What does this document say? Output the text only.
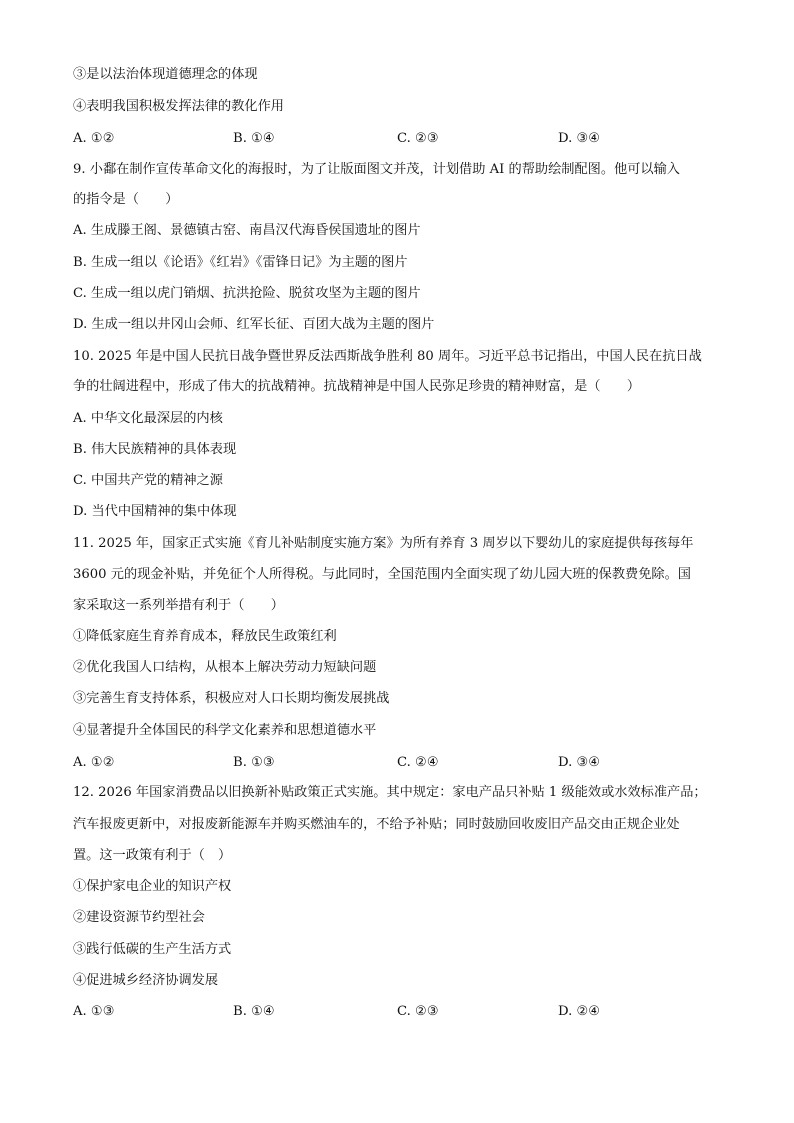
③是以法治体现道德理念的体现
④表明我国积极发挥法律的教化作用
A. ①②	B. ①④	C. ②③	D. ③④
9. 小鄱在制作宣传革命文化的海报时，为了让版面图文并茂，计划借助 AI 的帮助绘制配图。他可以输入
的指令是（　　）
A. 生成滕王阁、景德镇古窑、南昌汉代海昏侯国遗址的图片
B. 生成一组以《论语》《红岩》《雷锋日记》为主题的图片
C. 生成一组以虎门销烟、抗洪抢险、脱贫攻坚为主题的图片
D. 生成一组以井冈山会师、红军长征、百团大战为主题的图片
10. 2025 年是中国人民抗日战争暨世界反法西斯战争胜利 80 周年。习近平总书记指出，中国人民在抗日战
争的壮阔进程中，形成了伟大的抗战精神。抗战精神是中国人民弥足珍贵的精神财富，是（　　）
A. 中华文化最深层的内核
B. 伟大民族精神的具体表现
C. 中国共产党的精神之源
D. 当代中国精神的集中体现
11. 2025 年，国家正式实施《育儿补贴制度实施方案》为所有养育 3 周岁以下婴幼儿的家庭提供每孩每年
3600 元的现金补贴，并免征个人所得税。与此同时，全国范围内全面实现了幼儿园大班的保教费免除。国
家采取这一系列举措有利于（　　）
①降低家庭生育养育成本，释放民生政策红利
②优化我国人口结构，从根本上解决劳动力短缺问题
③完善生育支持体系，积极应对人口长期均衡发展挑战
④显著提升全体国民的科学文化素养和思想道德水平
A. ①②	B. ①③	C. ②④	D. ③④
12. 2026 年国家消费品以旧换新补贴政策正式实施。其中规定：家电产品只补贴 1 级能效或水效标准产品；
汽车报废更新中，对报废新能源车并购买燃油车的，不给予补贴；同时鼓励回收废旧产品交由正规企业处
置。这一政策有利于（　）
①保护家电企业的知识产权
②建设资源节约型社会
③践行低碳的生产生活方式
④促进城乡经济协调发展
A. ①③	B. ①④	C. ②③	D. ②④
